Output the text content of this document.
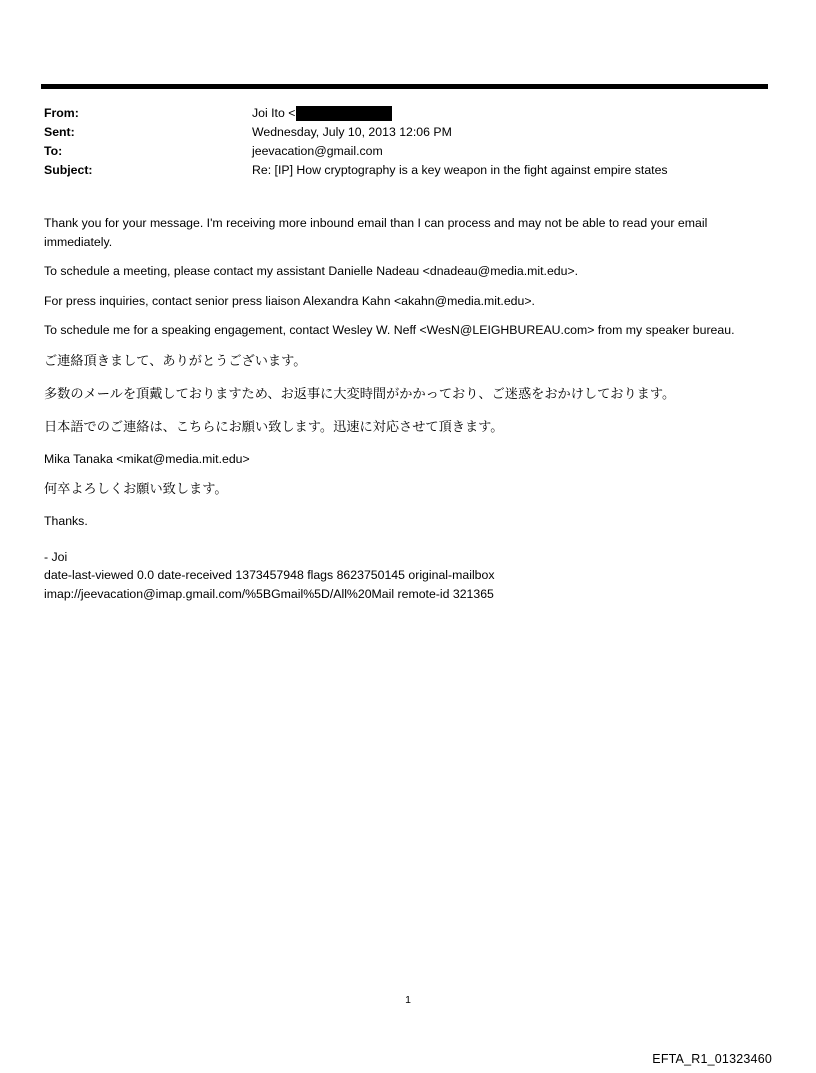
From:	Joi Ito <
Sent:	Wednesday, July 10, 2013 12:06 PM
To:	jeevacation@gmail.com
Subject:	Re: [IP] How cryptography is a key weapon in the fight against empire states

Thank you for your message. I'm receiving more inbound email than I can process and may not be able to read your email immediately.

To schedule a meeting, please contact my assistant Danielle Nadeau <dnadeau@media.mit.edu>.

For press inquiries, contact senior press liaison Alexandra Kahn <akahn@media.mit.edu>.

To schedule me for a speaking engagement, contact Wesley W. Neff <WesN@LEIGHBUREAU.com> from my speaker bureau.

ご連絡頂きまして、ありがとうございます。

多数のメールを頂戴しておりますため、お返事に大変時間がかかっており、ご迷惑をおかけしております。

日本語でのご連絡は、こちらにお願い致します。迅速に対応させて頂きます。

Mika Tanaka <mikat@media.mit.edu>

何卒よろしくお願い致します。

Thanks.

- Joi

date-last-viewed 0.0 date-received 1373457948 flags 8623750145 original-mailbox

imap://jeevacation@imap.gmail.com/%5BGmail%5D/All%20Mail remote-id 321365

1
EFTA_R1_01323460
